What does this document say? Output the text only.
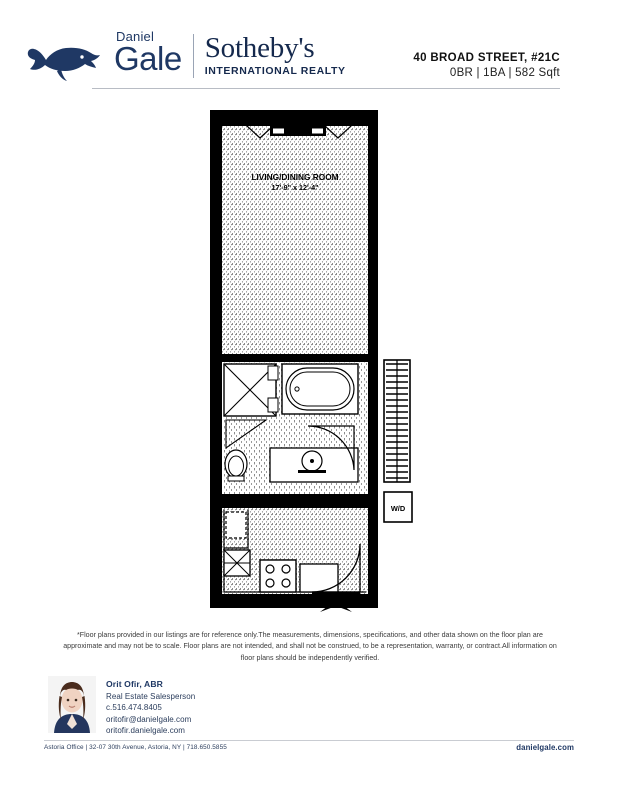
Daniel
Gale Sotheby's
INTERNATIONAL REALTY
40 BROAD STREET, #21C
0BR | 1BA | 582 Sqft
LIVING/DINING ROOM
17'-9" x 12'-4"
W/D
*Floor plans provided in our listings are for reference only.The measurements, dimensions, specifications, and other data shown on the floor plan are approximate and may not be to scale. Floor plans are not intended, and shall not be construed, to be a representation, warranty, or contract.All information on floor plans should be independently verified.
Orit Ofir, ABR
Real Estate Salesperson
c.516.474.8405
oritofir@danielgale.com
oritofir.danielgale.com
Astoria Office | 32-07 30th Avenue, Astoria, NY | 718.650.5855	danielgale.com
